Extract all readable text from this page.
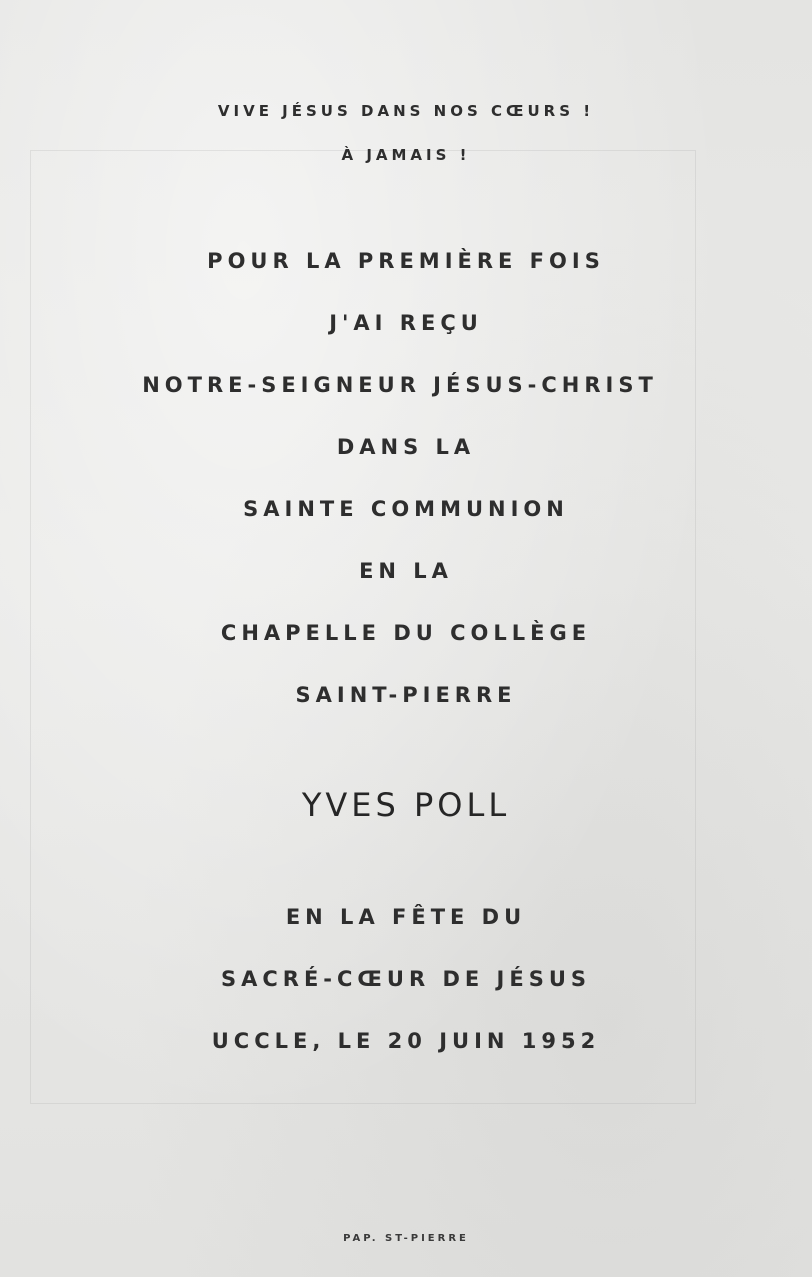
VIVE JÉSUS DANS NOS CŒURS !
À JAMAIS !
POUR LA PREMIÈRE FOIS
J'AI REÇU
NOTRE-SEIGNEUR JÉSUS-CHRIST
DANS LA
SAINTE COMMUNION
EN LA
CHAPELLE DU COLLÈGE
SAINT-PIERRE
YVES POLL
EN LA FÊTE DU
SACRÉ-CŒUR DE JÉSUS
UCCLE, LE 20 JUIN 1952
PAP. ST-PIERRE
